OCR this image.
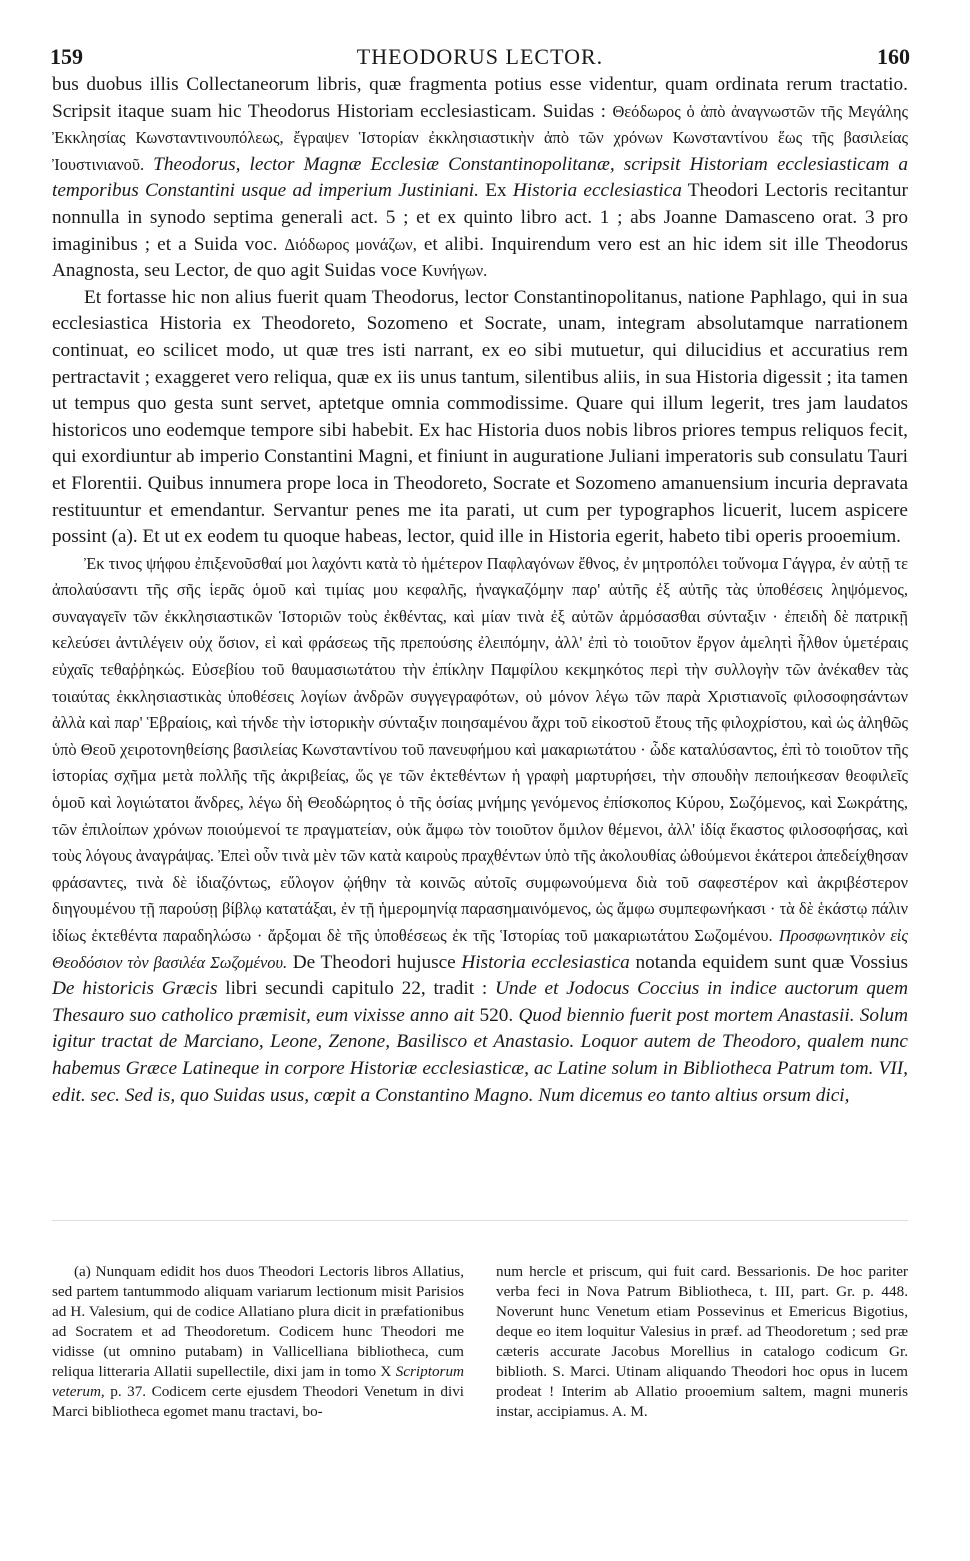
159	THEODORUS LECTOR.	160

bus duobus illis Collectaneorum libris, quæ fragmenta potius esse videntur, quam ordinata rerum tractatio. Scripsit itaque suam hic Theodorus Historiam ecclesiasticam. Suidas : Θεόδωρος ὁ ἀπὸ ἀναγνωστῶν τῆς Μεγάλης Ἐκκλησίας Κωνσταντινουπόλεως, ἔγραψεν Ἱστορίαν ἐκκλησιαστικὴν ἀπὸ τῶν χρόνων Κωνσταντίνου ἕως τῆς βασιλείας Ἰουστινιανοῦ. Theodorus, lector Magnæ Ecclesiæ Constantinopolitanæ, scripsit Historiam ecclesiasticam a temporibus Constantini usque ad imperium Justiniani. Ex Historia ecclesiastica Theodori Lectoris recitantur nonnulla in synodo septima generali act. 5 ; et ex quinto libro act. 1 ; abs Joanne Damasceno orat. 3 pro imaginibus ; et a Suida voc. Διόδωρος μονάζων, et alibi. Inquirendum vero est an hic idem sit ille Theodorus Anagnosta, seu Lector, de quo agit Suidas voce Κυνήγων.

Et fortasse hic non alius fuerit quam Theodorus, lector Constantinopolitanus, natione Paphlago, qui in sua ecclesiastica Historia ex Theodoreto, Sozomeno et Socrate, unam, integram absolutamque narrationem continuat, eo scilicet modo, ut quæ tres isti narrant, ex eo sibi mutuetur, qui dilucidius et accuratius rem pertractavit ; exaggeret vero reliqua, quæ ex iis unus tantum, silentibus aliis, in sua Historia digessit ; ita tamen ut tempus quo gesta sunt servet, aptetque omnia commodissime. Quare qui illum legerit, tres jam laudatos historicos uno eodemque tempore sibi habebit. Ex hac Historia duos nobis libros priores tempus reliquos fecit, qui exordiuntur ab imperio Constantini Magni, et finiunt in auguratione Juliani imperatoris sub consulatu Tauri et Florentii. Quibus innumera prope loca in Theodoreto, Socrate et Sozomeno amanuensium incuria depravata restituuntur et emendantur. Servantur penes me ita parati, ut cum per typographos licuerit, lucem aspicere possint (a). Et ut ex eodem tu quoque habeas, lector, quid ille in Historia egerit, habeto tibi operis prooemium.

Ἐκ τινος ψήφου ἐπιξενοῦσθαί μοι λαχόντι κατὰ τὸ ἡμέτερον Παφλαγόνων ἔθνος, ἐν μητροπόλει τοὔνομα Γάγγρα, ἐν αὐτῇ τε ἀπολαύσαντι τῆς σῆς ἱερᾶς ὁμοῦ καὶ τιμίας μου κεφαλῆς, ἠναγκαζόμην παρ' αὐτῆς ἐξ αὐτῆς τὰς ὑποθέσεις ληψόμενος, συναγαγεῖν τῶν ἐκκλησιαστικῶν Ἱστοριῶν τοὺς ἐκθέντας, καὶ μίαν τινὰ ἐξ αὐτῶν ἁρμόσασθαι σύνταξιν · ἐπειδὴ δὲ πατρικῇ κελεύσει ἀντιλέγειν οὐχ ὅσιον, εἰ καὶ φράσεως τῆς πρεπούσης ἐλειπόμην, ἀλλ' ἐπὶ τὸ τοιοῦτον ἔργον ἀμελητὶ ἦλθον ὑμετέραις εὐχαῖς τεθαῤῥηκώς. Εὐσεβίου τοῦ θαυμασιωτάτου τὴν ἐπίκλην Παμφίλου κεκμηκότος περὶ τὴν συλλογὴν τῶν ἀνέκαθεν τὰς τοιαύτας ἐκκλησιαστικὰς ὑποθέσεις λογίων ἀνδρῶν συγγεγραφότων, οὐ μόνον λέγω τῶν παρὰ Χριστιανοῖς φιλοσοφησάντων ἀλλὰ καὶ παρ' Ἑβραίοις, καὶ τήνδε τὴν ἱστορικὴν σύνταξιν ποιησαμένου ἄχρι τοῦ εἰκοστοῦ ἔτους τῆς φιλοχρίστου, καὶ ὡς ἀληθῶς ὑπὸ Θεοῦ χειροτονηθείσης βασιλείας Κωνσταντίνου τοῦ πανευφήμου καὶ μακαριωτάτου · ὧδε καταλύσαντος, ἐπὶ τὸ τοιοῦτον τῆς ἱστορίας σχῆμα μετὰ πολλῆς τῆς ἀκριβείας, ὥς γε τῶν ἐκτεθέντων ἡ γραφὴ μαρτυρήσει, τὴν σπουδὴν πεποιήκεσαν θεοφιλεῖς ὁμοῦ καὶ λογιώτατοι ἄνδρες, λέγω δὴ Θεοδώρητος ὁ τῆς ὁσίας μνήμης γενόμενος ἐπίσκοπος Κύρου, Σωζόμενος, καὶ Σωκράτης, τῶν ἐπιλοίπων χρόνων ποιούμενοί τε πραγματείαν, οὐκ ἄμφω τὸν τοιοῦτον ὅμιλον θέμενοι, ἀλλ' ἰδίᾳ ἕκαστος φιλοσοφήσας, καὶ τοὺς λόγους ἀναγράψας. Ἐπεὶ οὖν τινὰ μὲν τῶν κατὰ καιροὺς πραχθέντων ὑπὸ τῆς ἀκολουθίας ὠθούμενοι ἑκάτεροι ἀπεδείχθησαν φράσαντες, τινὰ δὲ ἰδιαζόντως, εὔλογον ᾠήθην τὰ κοινῶς αὐτοῖς συμφωνούμενα διὰ τοῦ σαφεστέρον καὶ ἀκριβέστερον διηγουμένου τῇ παρούσῃ βίβλῳ κατατάξαι, ἐν τῇ ἡμερομηνίᾳ παρασημαινόμενος, ὡς ἄμφω συμπεφωνήκασι · τὰ δὲ ἑκάστῳ πάλιν ἰδίως ἐκτεθέντα παραδηλώσω · ἄρξομαι δὲ τῆς ὑποθέσεως ἐκ τῆς Ἱστορίας τοῦ μακαριωτάτου Σωζομένου. Προσφωνητικὸν εἰς Θεοδόσιον τὸν βασιλέα Σωζομένου. De Theodori hujusce Historia ecclesiastica notanda equidem sunt quæ Vossius De historicis Græcis libri secundi capitulo 22, tradit : Unde et Jodocus Coccius in indice auctorum quem Thesauro suo catholico præmisit, eum vixisse anno ait 520. Quod biennio fuerit post mortem Anastasii. Solum igitur tractat de Marciano, Leone, Zenone, Basilisco et Anastasio. Loquor autem de Theodoro, qualem nunc habemus Græce Latineque in corpore Historiæ ecclesiasticæ, ac Latine solum in Bibliotheca Patrum tom. VII, edit. sec. Sed is, quo Suidas usus, cœpit a Constantino Magno. Num dicemus eo tanto altius orsum dici,

(a) Nunquam edidit hos duos Theodori Lectoris libros Allatius, sed partem tantummodo aliquam variarum lectionum misit Parisios ad H. Valesium, qui de codice Allatiano plura dicit in præfationibus ad Socratem et ad Theodoretum. Codicem hunc Theodori me vidisse (ut omnino putabam) in Vallicelliana bibliotheca, cum reliqua litteraria Allatii supellectile, dixi jam in tomo X Scriptorum veterum, p. 37. Codicem certe ejusdem Theodori Venetum in divi Marci bibliotheca egomet manu tractavi, bo-

num hercle et priscum, qui fuit card. Bessarionis. De hoc pariter verba feci in Nova Patrum Bibliotheca, t. III, part. Gr. p. 448. Noverunt hunc Venetum etiam Possevinus et Emericus Bigotius, deque eo item loquitur Valesius in præf. ad Theodoretum ; sed præ cæteris accurate Jacobus Morellius in catalogo codicum Gr. biblioth. S. Marci. Utinam aliquando Theodori hoc opus in lucem prodeat ! Interim ab Allatio prooemium saltem, magni muneris instar, accipiamus. A. M.
